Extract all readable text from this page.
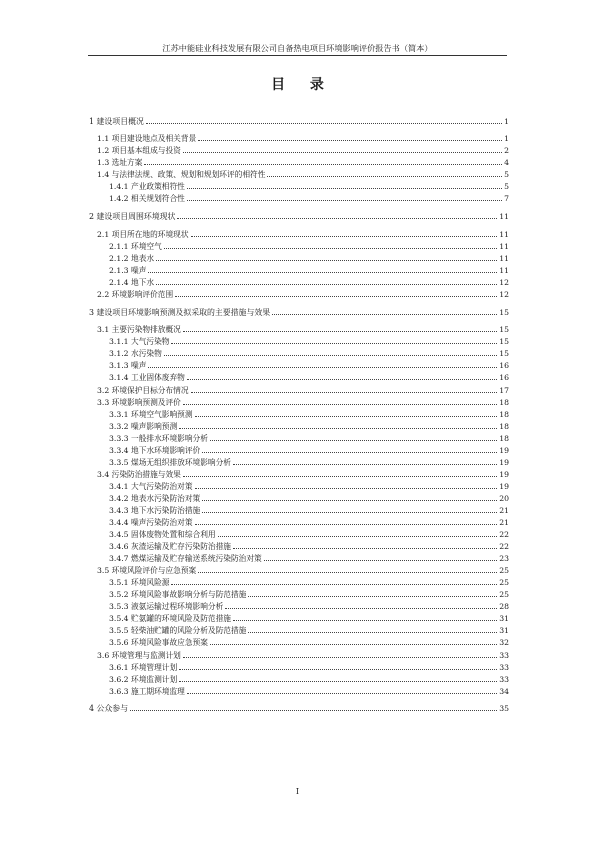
江苏中能硅业科技发展有限公司自备热电项目环境影响评价报告书（简本）
目 录
1 建设项目概况	1
1.1 项目建设地点及相关背景	1
1.2 项目基本组成与投资	2
1.3 选址方案	4
1.4 与法律法规、政策、规划和规划环评的相符性	5
1.4.1 产业政策相符性	5
1.4.2 相关规划符合性	7
2 建设项目周围环境现状	11
2.1 项目所在地的环境现状	11
2.1.1 环境空气	11
2.1.2 地表水	11
2.1.3 噪声	11
2.1.4 地下水	12
2.2 环境影响评价范围	12
3 建设项目环境影响预测及拟采取的主要措施与效果	15
3.1 主要污染物排放概况	15
3.1.1 大气污染物	15
3.1.2 水污染物	15
3.1.3 噪声	16
3.1.4 工业固体废弃物	16
3.2 环境保护目标分布情况	17
3.3 环境影响预测及评价	18
3.3.1 环境空气影响预测	18
3.3.2 噪声影响预测	18
3.3.3 一般排水环境影响分析	18
3.3.4 地下水环境影响评价	19
3.3.5 煤场无组织排放环境影响分析	19
3.4 污染防治措施与效果	19
3.4.1 大气污染防治对策	19
3.4.2 地表水污染防治对策	20
3.4.3 地下水污染防治措施	21
3.4.4 噪声污染防治对策	21
3.4.5 固体废物处置和综合利用	22
3.4.6 灰渣运输及贮存污染防治措施	22
3.4.7 燃煤运输及贮存输送系统污染防治对策	23
3.5 环境风险评价与应急预案	25
3.5.1 环境风险源	25
3.5.2 环境风险事故影响分析与防范措施	25
3.5.3 液氨运输过程环境影响分析	28
3.5.4 贮氨罐的环境风险及防范措施	31
3.5.5 轻柴油贮罐的风险分析及防范措施	31
3.5.6 环境风险事故应急预案	32
3.6 环境管理与监测计划	33
3.6.1 环境管理计划	33
3.6.2 环境监测计划	33
3.6.3 施工期环境监理	34
4 公众参与	35
I
